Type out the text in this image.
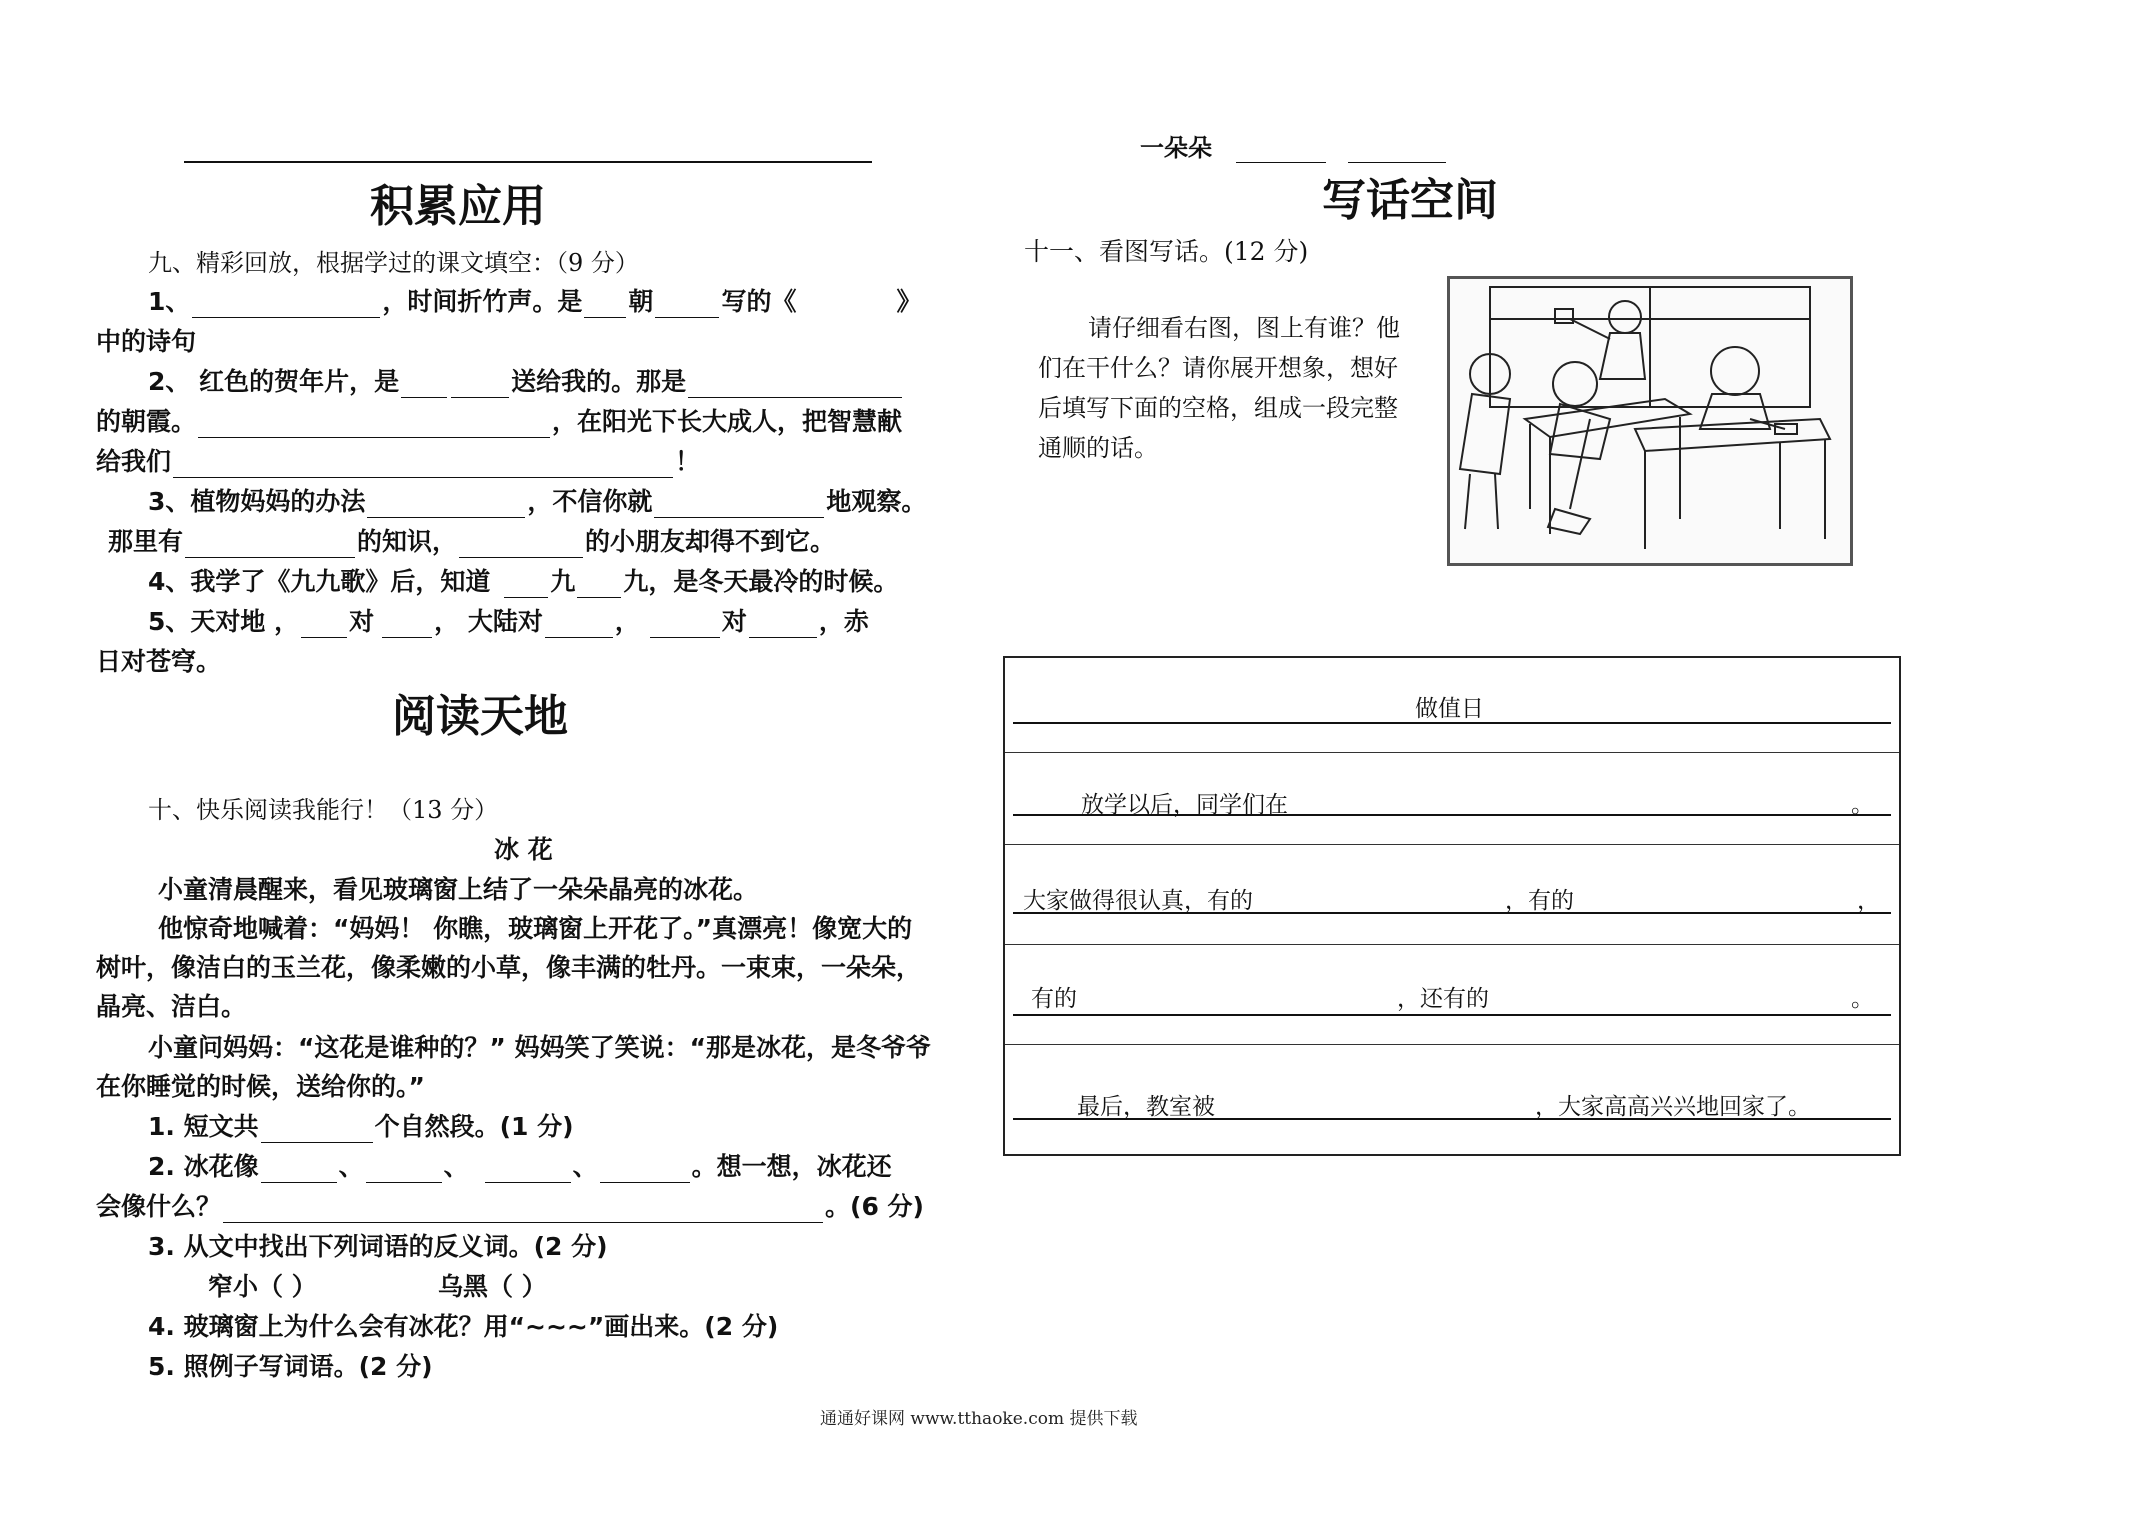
积累应用
九、精彩回放，根据学过的课文填空：（9 分）
1、	，时间折竹声。是 朝	写的《	》
中的诗句
2、 红色的贺年片，是	送给我的。那是
的朝霞。	，在阳光下长大成人，把智慧献
给我们	！
3、植物妈妈的办法	，不信你就	地观察。
那里有	的知识，	的小朋友却得不到它。
4、我学了《九九歌》后，知道 九 九，是冬天最冷的时候。
5、天对地 ， 对 ， 大陆对	，	对	，赤
日对苍穹。
阅读天地
十、快乐阅读我能行！（13 分）
冰 花
小童清晨醒来，看见玻璃窗上结了一朵朵晶亮的冰花。
他惊奇地喊着：“妈妈！ 你瞧，玻璃窗上开花了。”真漂亮！像宽大的
树叶，像洁白的玉兰花，像柔嫩的小草，像丰满的牡丹。一束束，一朵朵，
晶亮、洁白。
小童问妈妈：“这花是谁种的？” 妈妈笑了笑说：“那是冰花，是冬爷爷
在你睡觉的时候，送给你的。”
1. 短文共	个自然段。(1 分)
2. 冰花像	、	、	、	。想一想，冰花还
会像什么？	。(6 分)
3. 从文中找出下列词语的反义词。(2 分)
窄小（ ）	乌黑（ ）
4. 玻璃窗上为什么会有冰花？用“~~~”画出来。(2 分)
5. 照例子写词语。(2 分)
通通好课网 www.tthaoke.com 提供下载
一朵朵
写话空间
十一、看图写话。(12 分)
请仔细看右图，图上有谁？他
们在干什么？请你展开想象，想好
后填写下面的空格，组成一段完整
通顺的话。
做值日
放学以后，同学们在	。
大家做得很认真，有的	，有的	，
有的	，还有的	。
最后，教室被	，大家高高兴兴地回家了。
